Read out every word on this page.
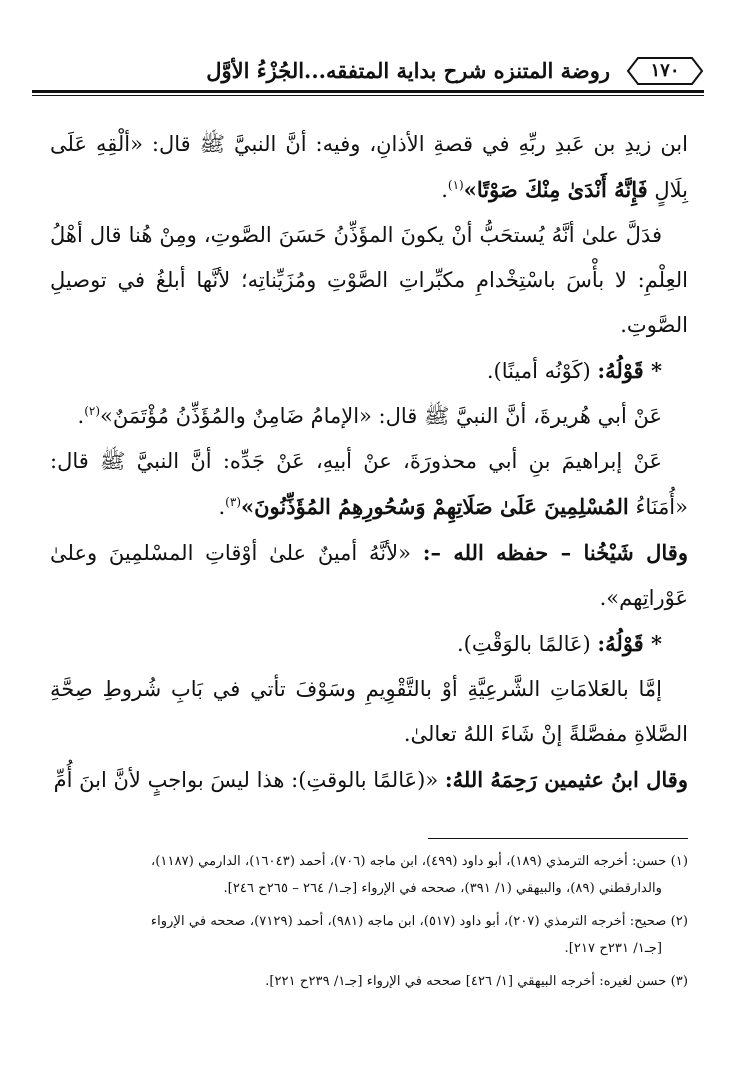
روضة المتنزه شرح بداية المتفقه...الجُزْءُ الأوَّل	١٧٠

ابن زيدِ بن عَبدِ ربِّهِ في قصةِ الأذانِ، وفيه: أنَّ النبيَّ ﷺ قال: «ألْقِهِ عَلَى بِلَالٍ فَإِنَّهُ أَنْدَىٰ مِنْكَ صَوْتًا»$^{(١)}$.

فدَلَّ علىٰ أنَّهُ يُستحَبُّ أنْ يكونَ المؤَذِّنُ حَسَنَ الصَّوتِ، ومِنْ هُنا قال أهْلُ العِلْمِ: لا بأْسَ باسْتِخْدامِ مكبِّراتِ الصَّوْتِ ومُزَيِّناتِه؛ لأنَّها أبلغُ في توصيلِ الصَّوتِ.

* قَوْلُهُ: (كَوْنُه أمينًا).

عَنْ أبي هُريرةَ، أنَّ النبيَّ ﷺ قال: «الإمامُ ضَامِنٌ والمُؤَذِّنُ مُؤْتَمَنٌ»$^{(٢)}$.

عَنْ إبراهيمَ بنِ أبي محذورَةَ، عنْ أبيهِ، عَنْ جَدِّه: أنَّ النبيَّ ﷺ قال: «أُمَنَاءُ المُسْلِمِينَ عَلَىٰ صَلَاتِهِمْ وَسُحُورِهِمُ المُؤَذِّنُونَ»$^{(٣)}$.

وقال شَيْخُنا – حفظه الله –: «لأنَّهُ أمينٌ علىٰ أوْقاتِ المسْلمِينَ وعلىٰ عَوْراتِهم».

* قَوْلُهُ: (عَالمًا بالوَقْتِ).

إمَّا بالعَلامَاتِ الشَّرعِيَّةِ أوْ بالتَّقْوِيمِ وسَوْفَ تأتي في بَابِ شُروطِ صِحَّةِ الصَّلاةِ مفصَّلةً إنْ شَاءَ اللهُ تعالىٰ.

وقال ابنُ عثيمين رَحِمَهُ اللهُ: «(عَالمًا بالوقتِ): هذا ليسَ بواجبٍ لأنَّ ابنَ أُمِّ

(١) حسن: أخرجه الترمذي (١٨٩)، أبو داود (٤٩٩)، ابن ماجه (٧٠٦)، أحمد (١٦٠٤٣)، الدارمي (١١٨٧)،
والدارقطني (٨٩)، والبيهقي (١/ ٣٩١)، صححه في الإرواء [جـ١/ ٢٦٤ – ٢٦٥ح ٢٤٦].

(٢) صحيح: أخرجه الترمذي (٢٠٧)، أبو داود (٥١٧)، ابن ماجه (٩٨١)، أحمد (٧١٢٩)، صححه في الإرواء
[جـ١/ ٢٣١ح ٢١٧].

(٣) حسن لغيره: أخرجه البيهقي [١/ ٤٢٦] صححه في الإرواء [جـ١/ ٢٣٩ح ٢٢١].
